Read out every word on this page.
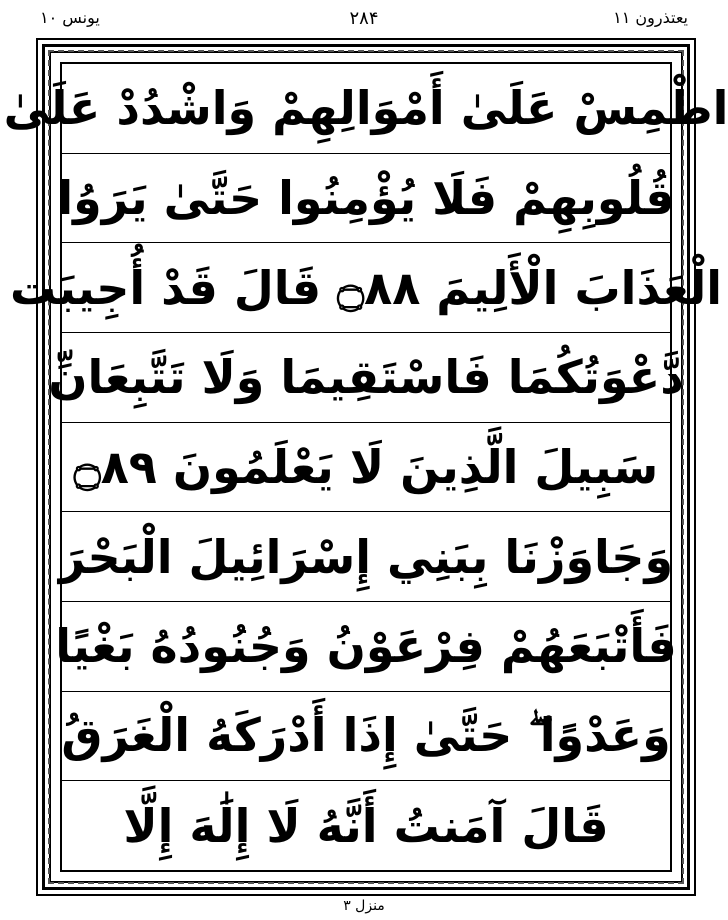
یونس ۱۰	۲۸۴	یعتذرون ۱۱
اطْمِسْ عَلَىٰ أَمْوَالِهِمْ وَاشْدُدْ عَلَىٰ
قُلُوبِهِمْ فَلَا يُؤْمِنُوا حَتَّىٰ يَرَوُا
الْعَذَابَ الْأَلِيمَ ۝٨٨ قَالَ قَدْ أُجِيبَت
دَّعْوَتُكُمَا فَاسْتَقِيمَا وَلَا تَتَّبِعَانِّ
سَبِيلَ الَّذِينَ لَا يَعْلَمُونَ ۝٨٩
وَجَاوَزْنَا بِبَنِي إِسْرَائِيلَ الْبَحْرَ
فَأَتْبَعَهُمْ فِرْعَوْنُ وَجُنُودُهُ بَغْيًا
وَعَدْوًا ۖ حَتَّىٰ إِذَا أَدْرَكَهُ الْغَرَقُ
قَالَ آمَنتُ أَنَّهُ لَا إِلَٰهَ إِلَّا
منزل ٣
